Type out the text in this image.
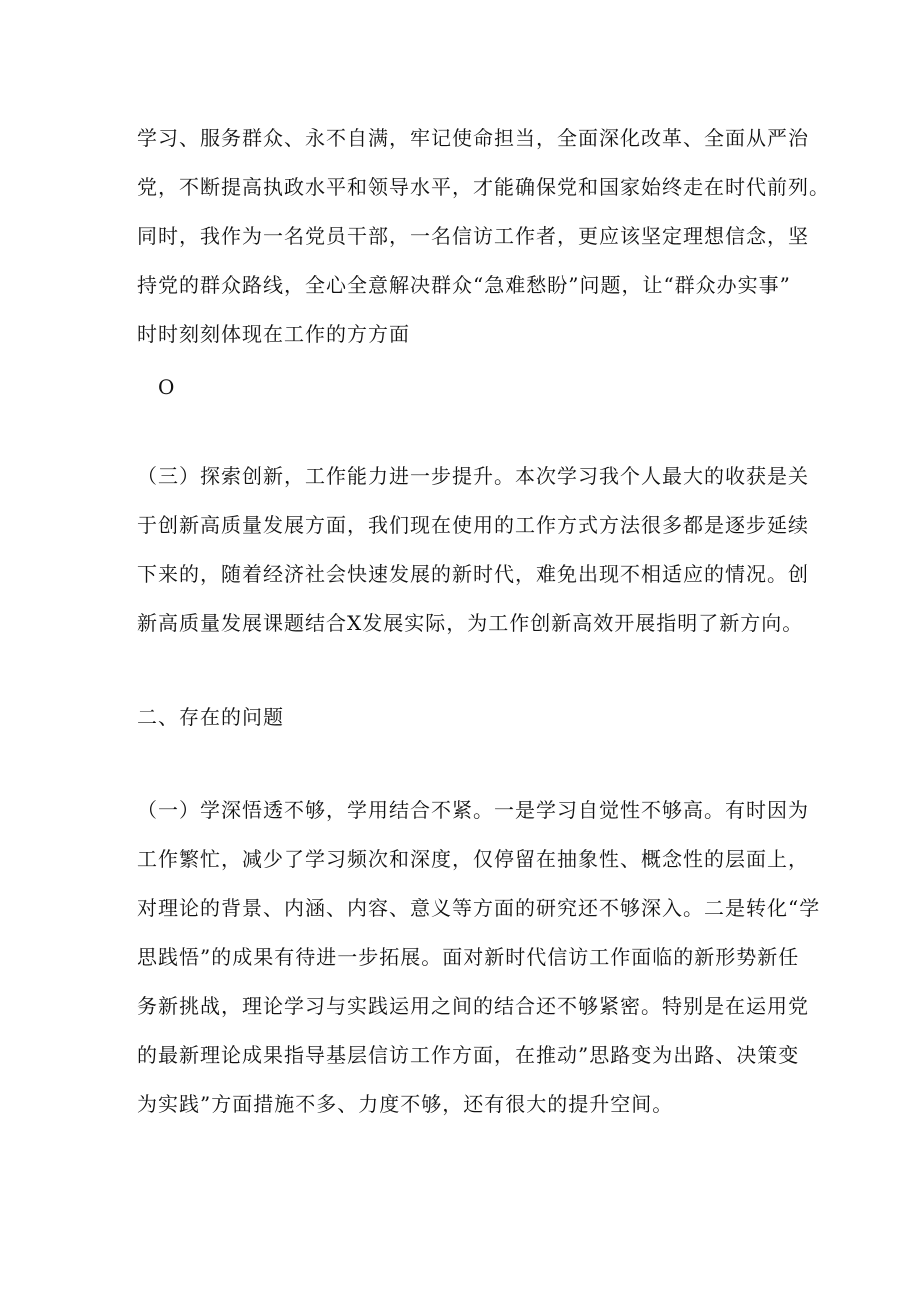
学习、服务群众、永不自满，牢记使命担当，全面深化改革、全面从严治
党，不断提高执政水平和领导水平，才能确保党和国家始终走在时代前列。
同时，我作为一名党员干部，一名信访工作者，更应该坚定理想信念，坚
持党的群众路线，全心全意解决群众“急难愁盼”问题，让“群众办实事”
时时刻刻体现在工作的方方面
O
（三）探索创新，工作能力进一步提升。本次学习我个人最大的收获是关
于创新高质量发展方面，我们现在使用的工作方式方法很多都是逐步延续
下来的，随着经济社会快速发展的新时代，难免出现不相适应的情况。创
新高质量发展课题结合X发展实际，为工作创新高效开展指明了新方向。
二、存在的问题
（一）学深悟透不够，学用结合不紧。一是学习自觉性不够高。有时因为
工作繁忙，减少了学习频次和深度，仅停留在抽象性、概念性的层面上，
对理论的背景、内涵、内容、意义等方面的研究还不够深入。二是转化“学
思践悟”的成果有待进一步拓展。面对新时代信访工作面临的新形势新任
务新挑战，理论学习与实践运用之间的结合还不够紧密。特别是在运用党
的最新理论成果指导基层信访工作方面，在推动”思路变为出路、决策变
为实践”方面措施不多、力度不够，还有很大的提升空间。
